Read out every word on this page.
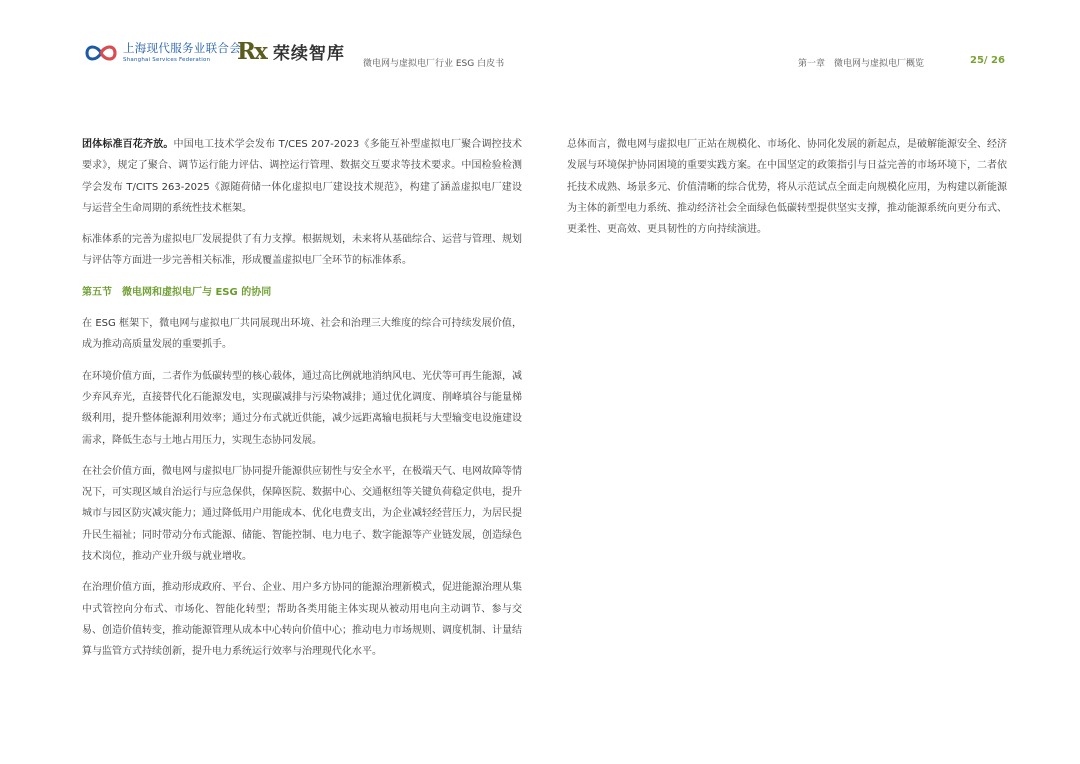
上海现代服务业联合会
Shanghai Services Federation	Rx 荣续智库 微电网与虚拟电厂行业 ESG 白皮书	第一章　微电网与虚拟电厂概览	25/ 26

团体标准百花齐放。中国电工技术学会发布 T/CES 207-2023《多能互补型虚拟电厂聚合调控技术要求》，规定了聚合、调节运行能力评估、调控运行管理、数据交互要求等技术要求。中国检验检测学会发布 T/CITS 263-2025《源随荷储一体化虚拟电厂建设技术规范》，构建了涵盖虚拟电厂建设与运营全生命周期的系统性技术框架。

标准体系的完善为虚拟电厂发展提供了有力支撑。根据规划，未来将从基础综合、运营与管理、规划与评估等方面进一步完善相关标准，形成覆盖虚拟电厂全环节的标准体系。

第五节　微电网和虚拟电厂与 ESG 的协同

在 ESG 框架下，微电网与虚拟电厂共同展现出环境、社会和治理三大维度的综合可持续发展价值，成为推动高质量发展的重要抓手。

在环境价值方面，二者作为低碳转型的核心载体，通过高比例就地消纳风电、光伏等可再生能源，减少弃风弃光，直接替代化石能源发电，实现碳减排与污染物减排；通过优化调度、削峰填谷与能量梯级利用，提升整体能源利用效率；通过分布式就近供能，减少远距离输电损耗与大型输变电设施建设需求，降低生态与土地占用压力，实现生态协同发展。

在社会价值方面，微电网与虚拟电厂协同提升能源供应韧性与安全水平，在极端天气、电网故障等情况下，可实现区域自治运行与应急保供，保障医院、数据中心、交通枢纽等关键负荷稳定供电，提升城市与园区防灾减灾能力；通过降低用户用能成本、优化电费支出，为企业减轻经营压力，为居民提升民生福祉；同时带动分布式能源、储能、智能控制、电力电子、数字能源等产业链发展，创造绿色技术岗位，推动产业升级与就业增收。

在治理价值方面，推动形成政府、平台、企业、用户多方协同的能源治理新模式，促进能源治理从集中式管控向分布式、市场化、智能化转型；帮助各类用能主体实现从被动用电向主动调节、参与交易、创造价值转变，推动能源管理从成本中心转向价值中心；推动电力市场规则、调度机制、计量结算与监管方式持续创新，提升电力系统运行效率与治理现代化水平。

总体而言，微电网与虚拟电厂正站在规模化、市场化、协同化发展的新起点，是破解能源安全、经济发展与环境保护协同困境的重要实践方案。在中国坚定的政策指引与日益完善的市场环境下，二者依托技术成熟、场景多元、价值清晰的综合优势，将从示范试点全面走向规模化应用，为构建以新能源为主体的新型电力系统、推动经济社会全面绿色低碳转型提供坚实支撑，推动能源系统向更分布式、更柔性、更高效、更具韧性的方向持续演进。
